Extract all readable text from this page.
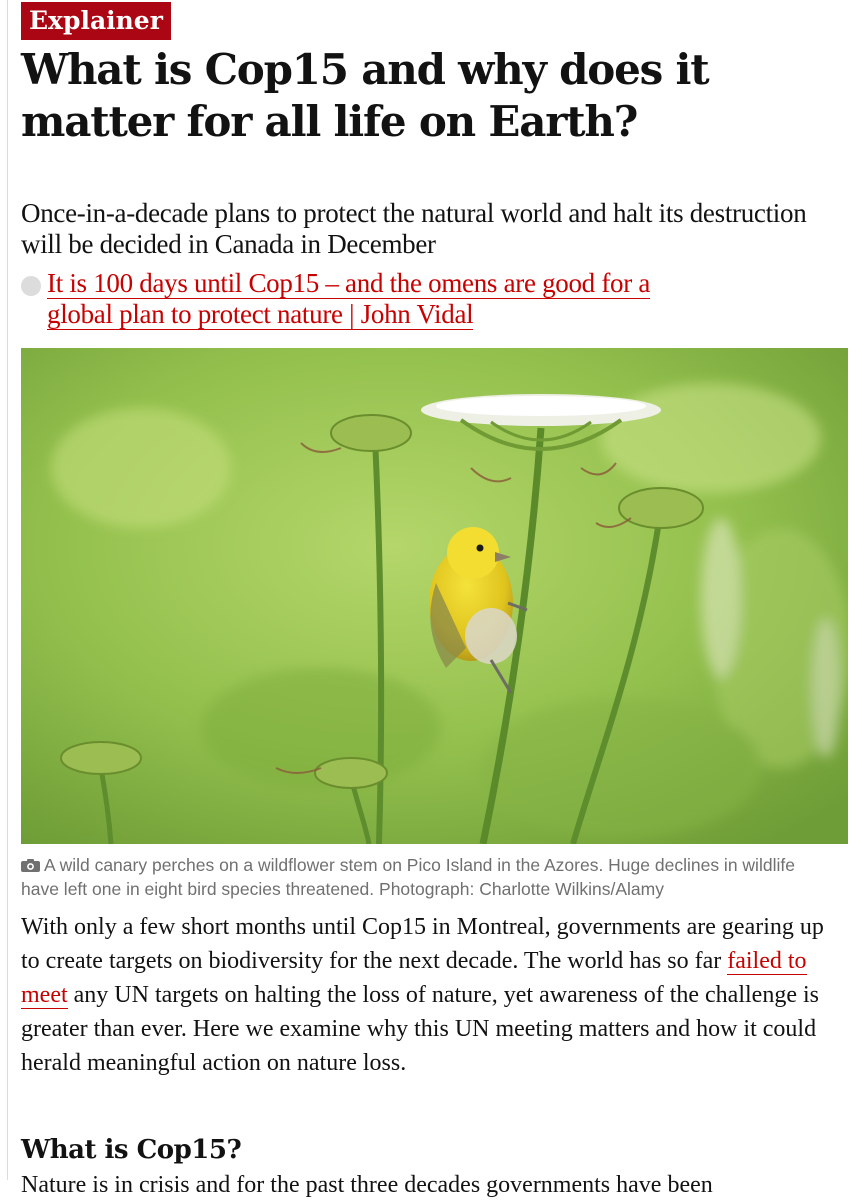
Explainer
What is Cop15 and why does it matter for all life on Earth?

Once-in-a-decade plans to protect the natural world and halt its destruction will be decided in Canada in December

It is 100 days until Cop15 – and the omens are good for a global plan to protect nature | John Vidal
A wild canary perches on a wildflower stem on Pico Island in the Azores. Huge declines in wildlife have left one in eight bird species threatened. Photograph: Charlotte Wilkins/Alamy

With only a few short months until Cop15 in Montreal, governments are gearing up to create targets on biodiversity for the next decade. The world has so far failed to meet any UN targets on halting the loss of nature, yet awareness of the challenge is greater than ever. Here we examine why this UN meeting matters and how it could herald meaningful action on nature loss.

What is Cop15?

Nature is in crisis and for the past three decades governments have been
